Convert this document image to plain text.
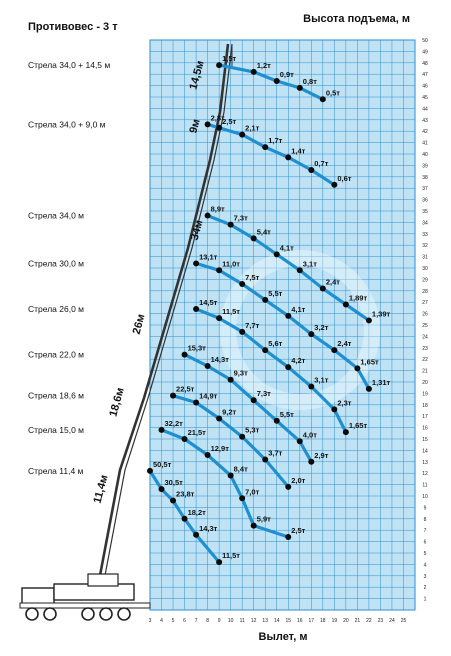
Противовес - 3 т
Высота подъема, м
Вылет, м
3 4 5 6 7 8 9 10 11 12 13 14 15 16 17 18 19 20 21 22 23 24 25
1
2
3
4
5
6
7
8
9
10
11
12
13
14
15
16
17
18
19
20
21
22
23
24
25
26
27
28
29
30
31
32
33
34
35
36
37
38
39
40
41
42
43
44
45
46
47
48
49
50
14,5м
9м
34м
26м
18,6м
11,4м
1,5т
1,2т
0,9т
0,8т
0,5т
Стрела 34,0 + 14,5 м
2,8т
2,5т
2,1т
1,7т
1,4т
0,7т
0,6т
Стрела 34,0 + 9,0 м
8,9т
7,3т
5,4т
4,1т
3,1т
2,4т
1,89т
1,39т
Стрела 34,0 м
13,1т
11,0т
7,5т
5,5т
4,1т
3,2т
2,4т
1,65т
1,31т
Стрела 30,0 м
14,5т
11,5т
7,7т
5,6т
4,2т
3,1т
2,3т
1,65т
Стрела 26,0 м
15,3т
14,3т
9,3т
7,3т
5,5т
4,0т
2,9т
Стрела 22,0 м
22,5т
14,9т
9,2т
5,3т
3,7т
2,0т
Стрела 18,6 м
32,2т
21,5т
12,9т
8,4т
7,0т
5,9т
2,5т
Стрела 15,0 м
50,5т
30,5т
23,8т
18,2т
14,3т
11,5т
Стрела 11,4 м
